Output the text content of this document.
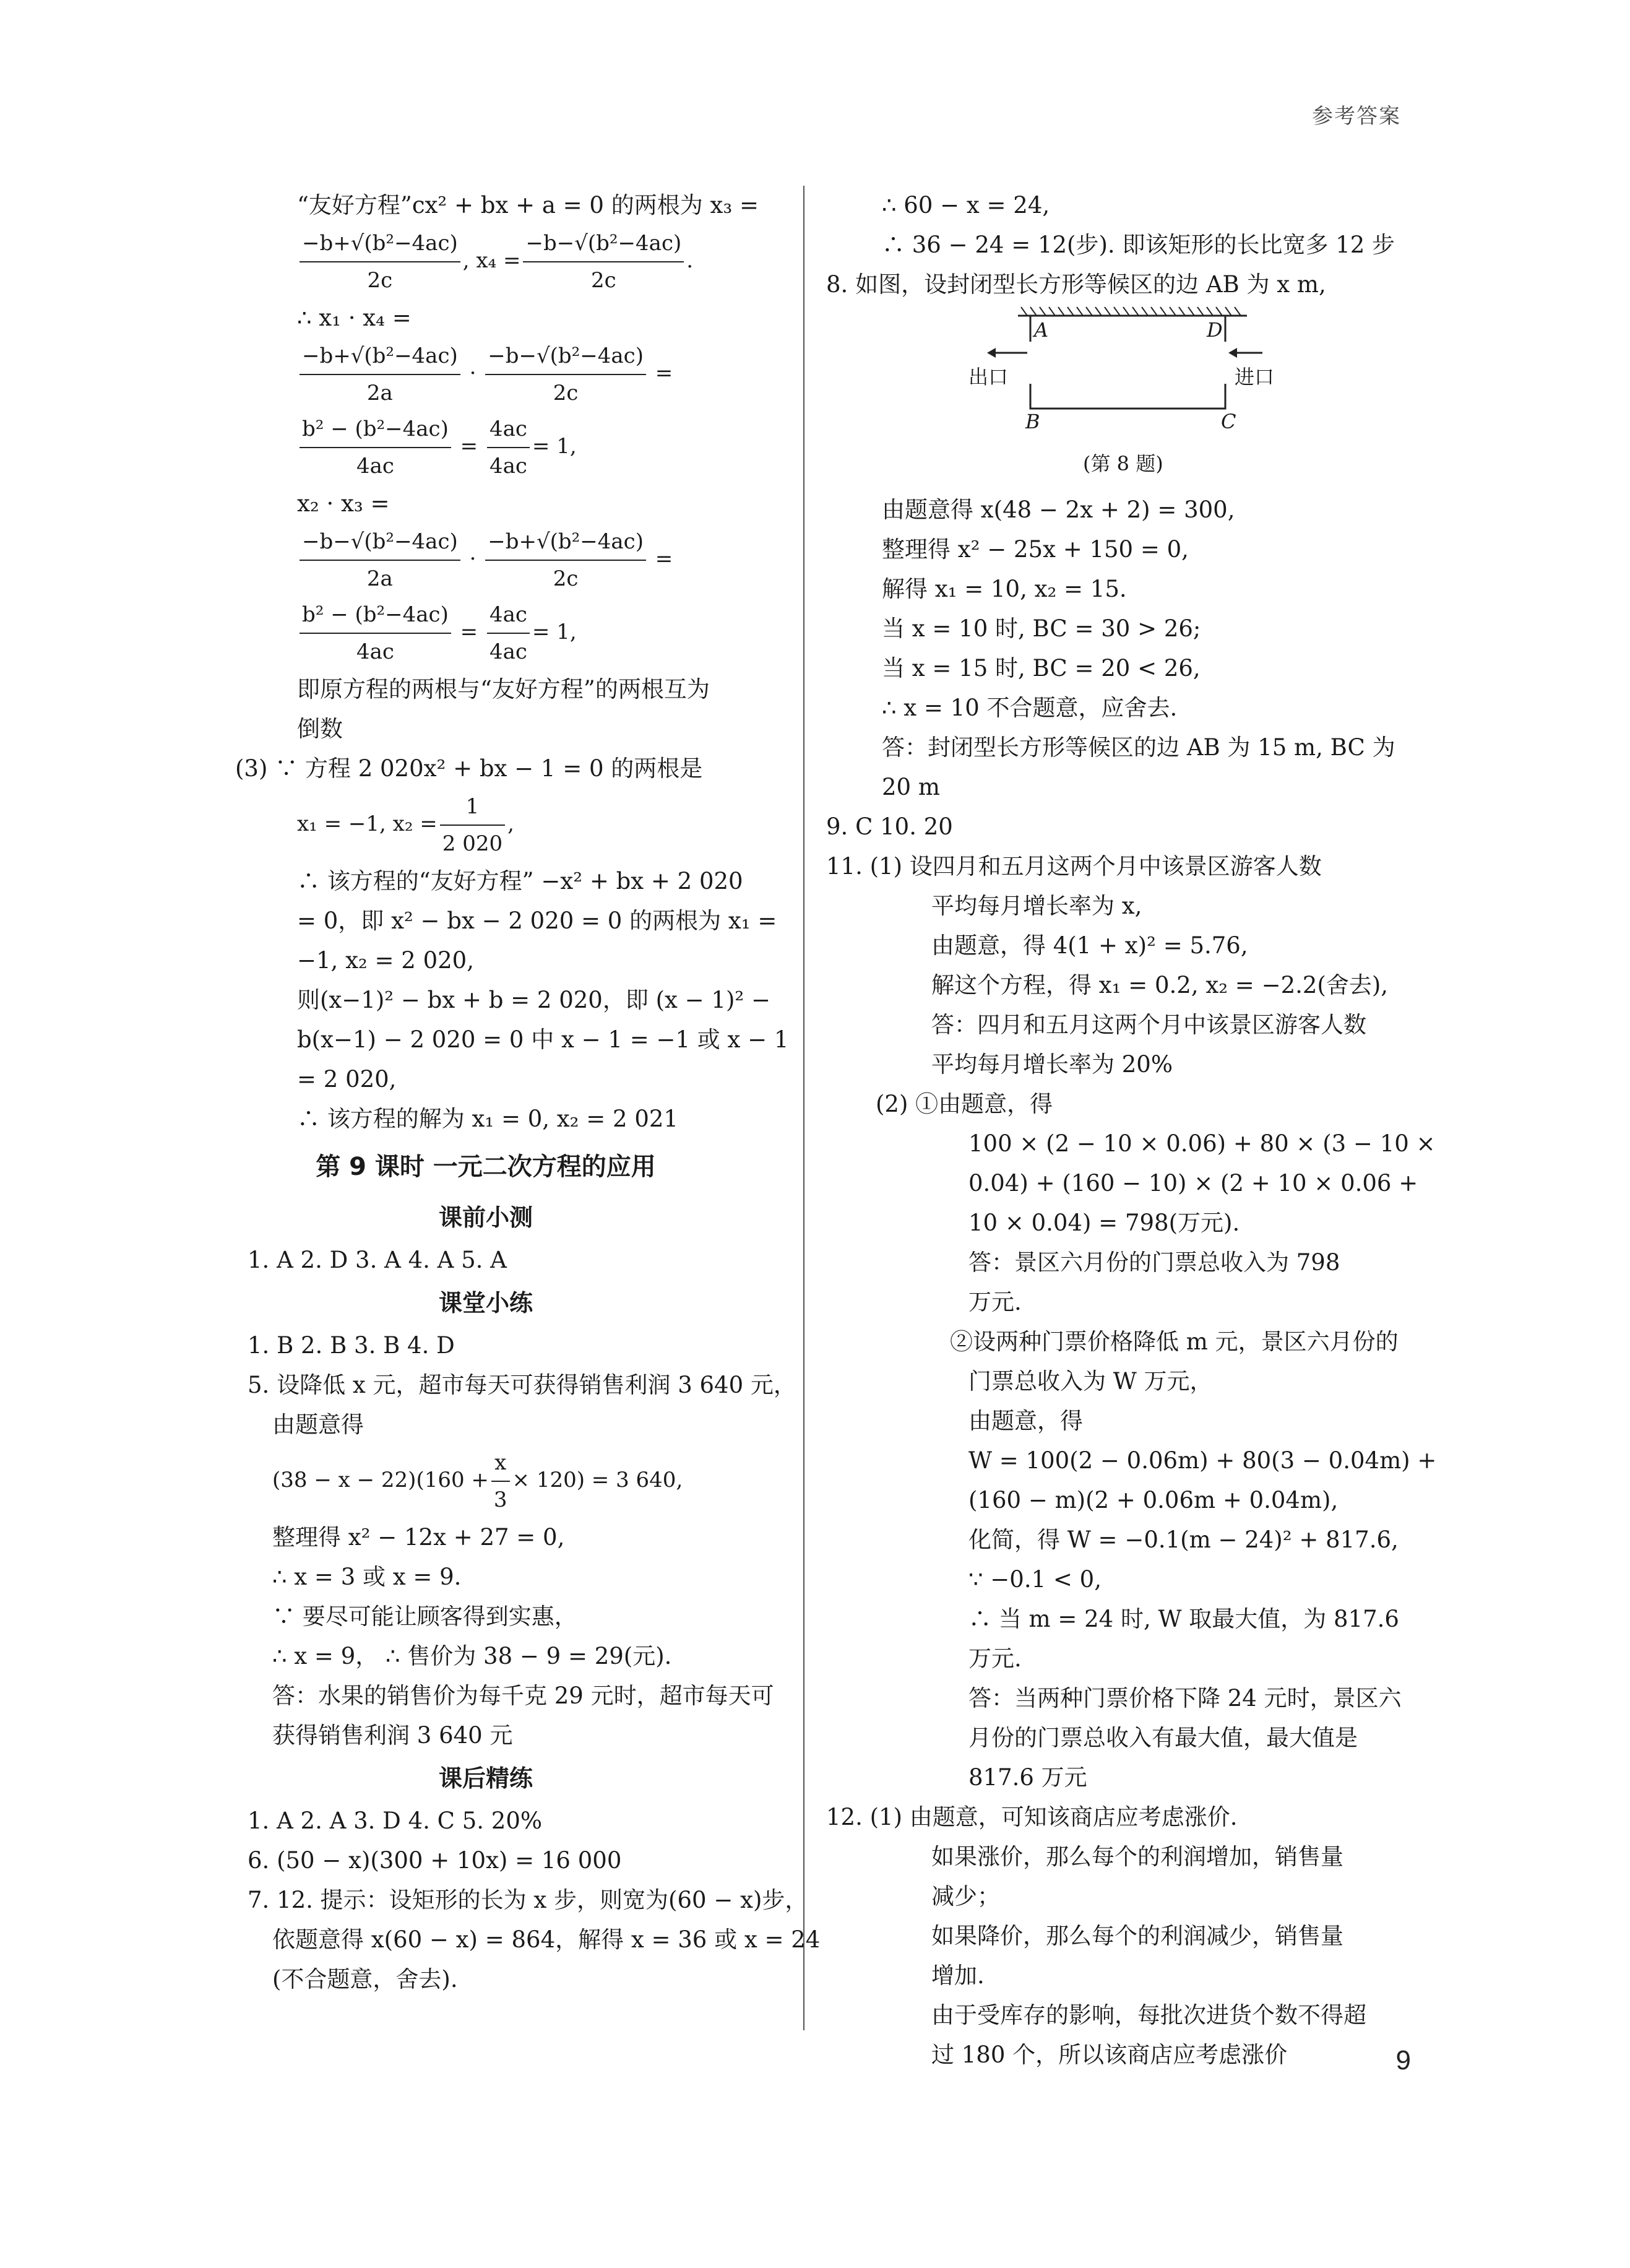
参考答案
“友好方程”cx² + bx + a = 0 的两根为 x₃ =
$\frac{\text{−b+√(b²−4ac)}}{2c}$ , $x_4 = \frac{\text{−b−√(b²−4ac)}}{2c}$ .
∴ x₁ · x₄ =
$\frac{\text{−b+√(b²−4ac)}}{2a} \cdot \frac{\text{−b−√(b²−4ac)}}{2c}$ =
$\frac{\text{b² − (b²−4ac)}}{4ac} = \frac{4ac}{4ac} = 1$,
x₂ · x₃ =
$\frac{\text{−b−√(b²−4ac)}}{2a} \cdot \frac{\text{−b+√(b²−4ac)}}{2c}$ =
$\frac{\text{b² − (b²−4ac)}}{4ac} = \frac{4ac}{4ac} = 1$,
即原方程的两根与“友好方程”的两根互为
倒数
(3) ∵ 方程 2 020x² + bx − 1 = 0 的两根是
x₁ = −1, $x_2 = \frac{1}{2 020}$ ,
∴ 该方程的“友好方程” −x² + bx + 2 020
= 0，即 x² − bx − 2 020 = 0 的两根为 x₁ =
−1, x₂ = 2 020,
则(x−1)² − bx + b = 2 020，即 (x − 1)² −
b(x−1) − 2 020 = 0 中 x − 1 = −1 或 x − 1
= 2 020,
∴ 该方程的解为 x₁ = 0, x₂ = 2 021
第 9 课时 一元二次方程的应用
课前小测
1. A 2. D 3. A 4. A 5. A
课堂小练
1. B 2. B 3. B 4. D
5. 设降低 x 元，超市每天可获得销售利润 3 640 元，
由题意得
$(38 - x - 22)(160 + \frac{x}{3} \times 120) = 3$ 640,
整理得 x² − 12x + 27 = 0,
∴ x = 3 或 x = 9.
∵ 要尽可能让顾客得到实惠，
∴ x = 9， ∴ 售价为 38 − 9 = 29(元).
答：水果的销售价为每千克 29 元时，超市每天可
获得销售利润 3 640 元
课后精练
1. A 2. A 3. D 4. C 5. 20%
6. (50 − x)(300 + 10x) = 16 000
7. 12. 提示：设矩形的长为 x 步，则宽为(60 − x)步，
依题意得 x(60 − x) = 864，解得 x = 36 或 x = 24
(不合题意，舍去).
∴ 60 − x = 24,
∴ 36 − 24 = 12(步). 即该矩形的长比宽多 12 步
8. 如图，设封闭型长方形等候区的边 AB 为 x m,
A	D
B	C
出口	进口
(第 8 题)
由题意得 x(48 − 2x + 2) = 300,
整理得 x² − 25x + 150 = 0,
解得 x₁ = 10, x₂ = 15.
当 x = 10 时, BC = 30 > 26;
当 x = 15 时, BC = 20 < 26,
∴ x = 10 不合题意，应舍去.
答：封闭型长方形等候区的边 AB 为 15 m, BC 为
20 m
9. C 10. 20
11. (1) 设四月和五月这两个月中该景区游客人数
平均每月增长率为 x,
由题意，得 4(1 + x)² = 5.76,
解这个方程，得 x₁ = 0.2, x₂ = −2.2(舍去),
答：四月和五月这两个月中该景区游客人数
平均每月增长率为 20%
(2) ①由题意，得
100 × (2 − 10 × 0.06) + 80 × (3 − 10 ×
0.04) + (160 − 10) × (2 + 10 × 0.06 +
10 × 0.04) = 798(万元).
答：景区六月份的门票总收入为 798
万元.
②设两种门票价格降低 m 元，景区六月份的
门票总收入为 W 万元，
由题意，得
W = 100(2 − 0.06m) + 80(3 − 0.04m) +
(160 − m)(2 + 0.06m + 0.04m),
化简，得 W = −0.1(m − 24)² + 817.6,
∵ −0.1 < 0,
∴ 当 m = 24 时, W 取最大值，为 817.6
万元.
答：当两种门票价格下降 24 元时，景区六
月份的门票总收入有最大值，最大值是
817.6 万元
12. (1) 由题意，可知该商店应考虑涨价.
如果涨价，那么每个的利润增加，销售量
减少；
如果降价，那么每个的利润减少，销售量
增加.
由于受库存的影响，每批次进货个数不得超
过 180 个，所以该商店应考虑涨价	9
